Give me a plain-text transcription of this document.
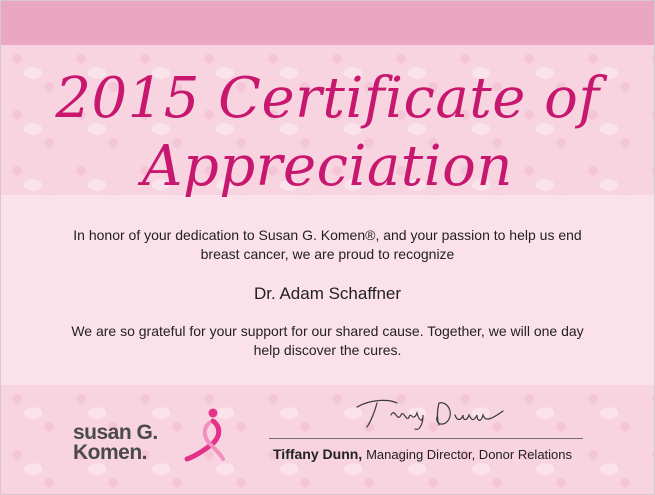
2015 Certificate of
Appreciation

In honor of your dedication to Susan G. Komen®, and your passion to help us end breast cancer, we are proud to recognize

Dr. Adam Schaffner

We are so grateful for your support for our shared cause. Together, we will one day help discover the cures.

Tiffany Dunn, Managing Director, Donor Relations

susan G.
Komen.
